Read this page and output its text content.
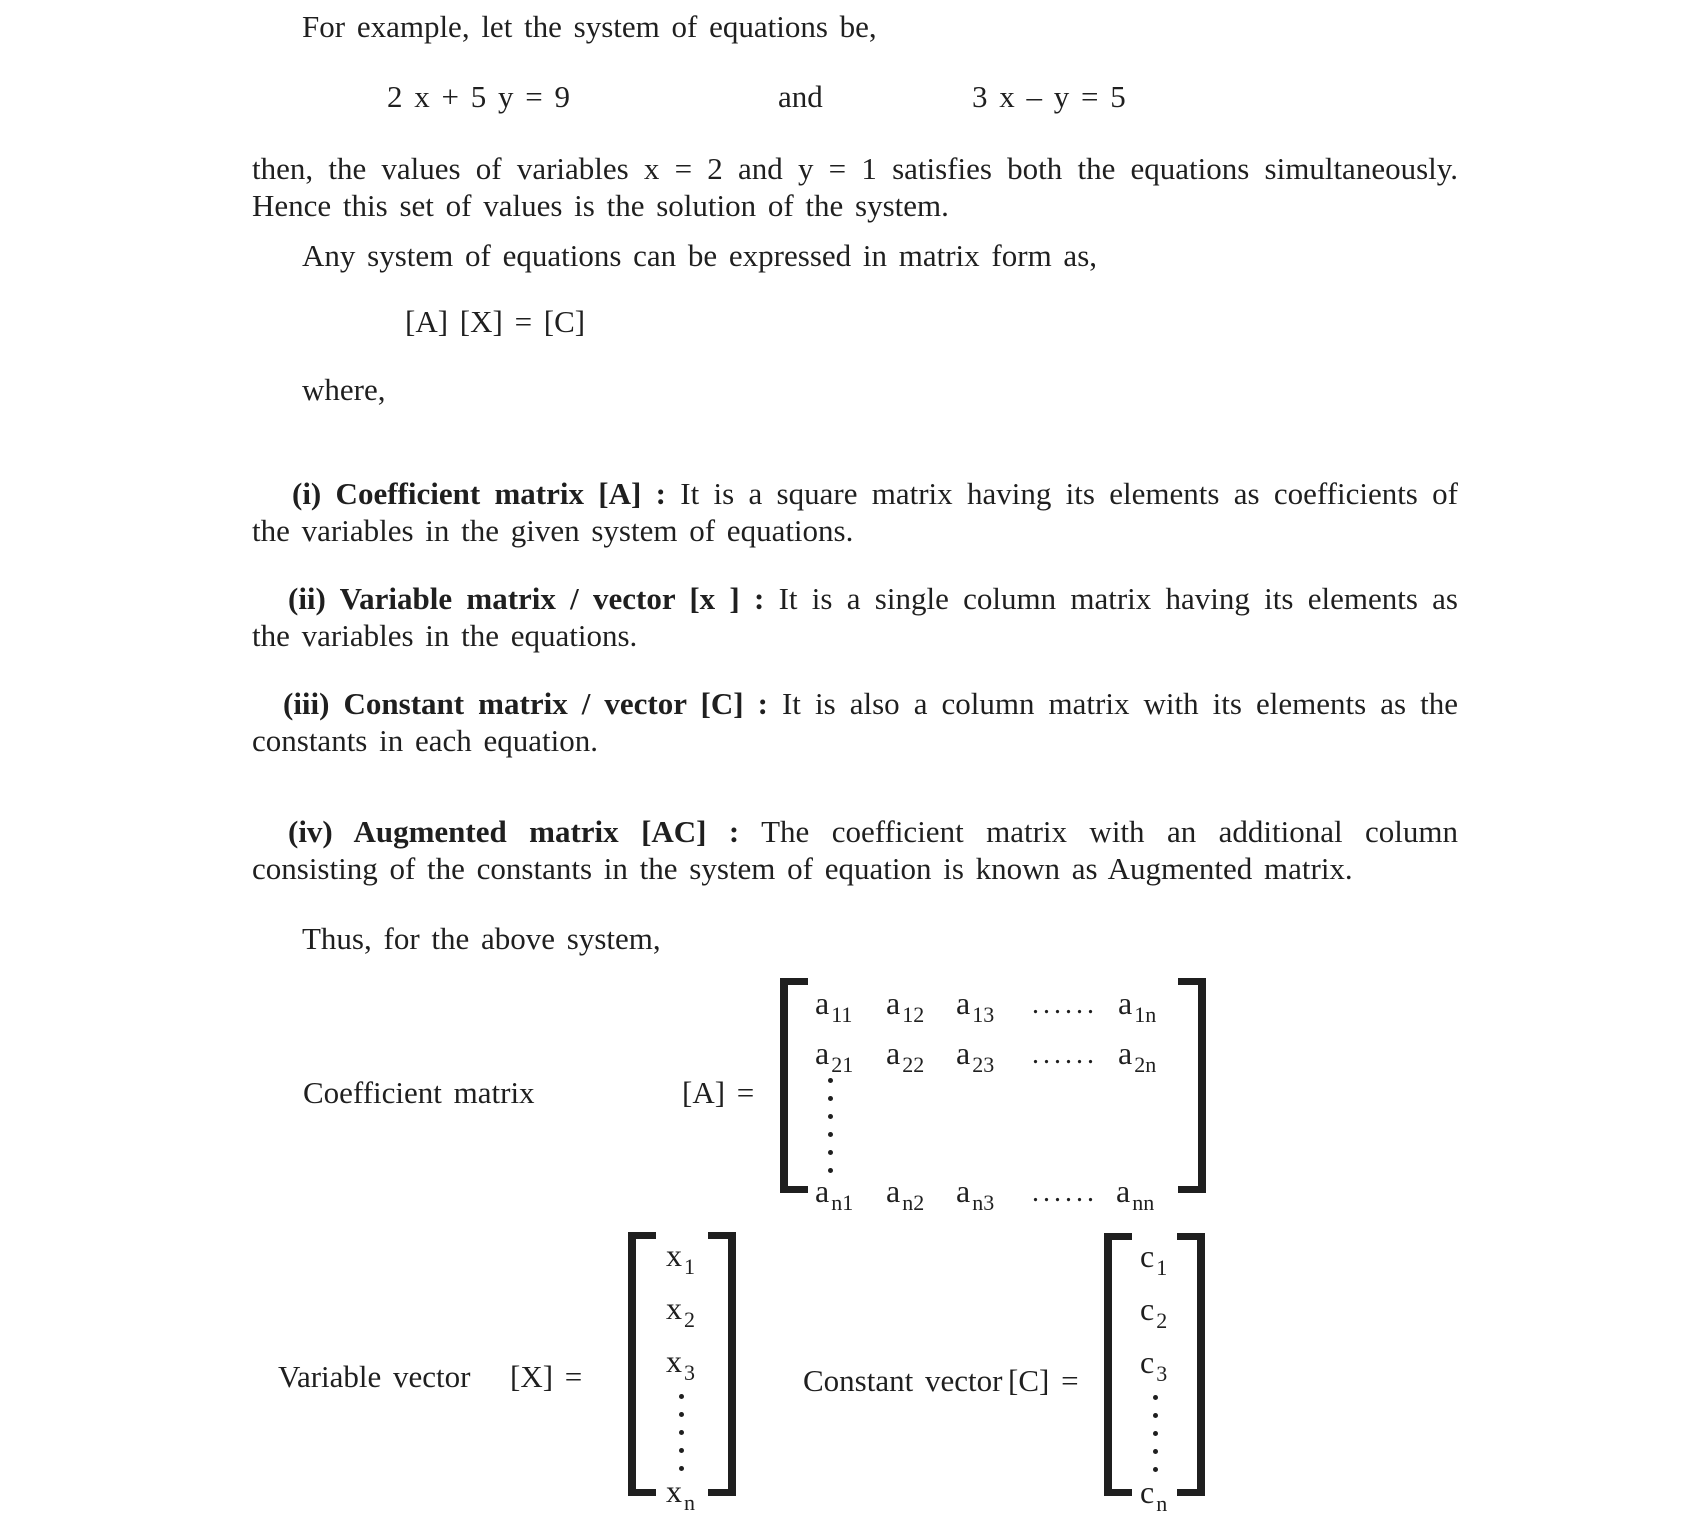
For example, let the system of equations be,
2 x + 5 y = 9	and	3 x – y = 5
then, the values of variables x = 2 and y = 1 satisfies both the equations simultaneously.
Hence this set of values is the solution of the system.
Any system of equations can be expressed in matrix form as,
[A] [X] = [C]
where,
(i) Coefficient matrix [A] : It is a square matrix having its elements as coefficients of
the variables in the given system of equations.
(ii) Variable matrix / vector [x ] : It is a single column matrix having its elements as
the variables in the equations.
(iii) Constant matrix / vector [C] : It is also a column matrix with its elements as the
constants in each equation.
(iv) Augmented matrix [AC] : The coefficient matrix with an additional column
consisting of the constants in the system of equation is known as Augmented matrix.
Thus, for the above system,
Coefficient matrix	[A] =
$a_{11}$ $a_{12}$ $a_{13}$ ...... $a_{1n}$
$a_{21}$ $a_{22}$ $a_{23}$ ...... $a_{2n}$
$a_{n1}$ $a_{n2}$ $a_{n3}$ ...... $a_{nn}$
Variable vector [X] =
$x_1$
$x_2$
$x_3$
$x_n$
Constant vector [C] =
$c_1$
$c_2$
$c_3$
$c_n$
